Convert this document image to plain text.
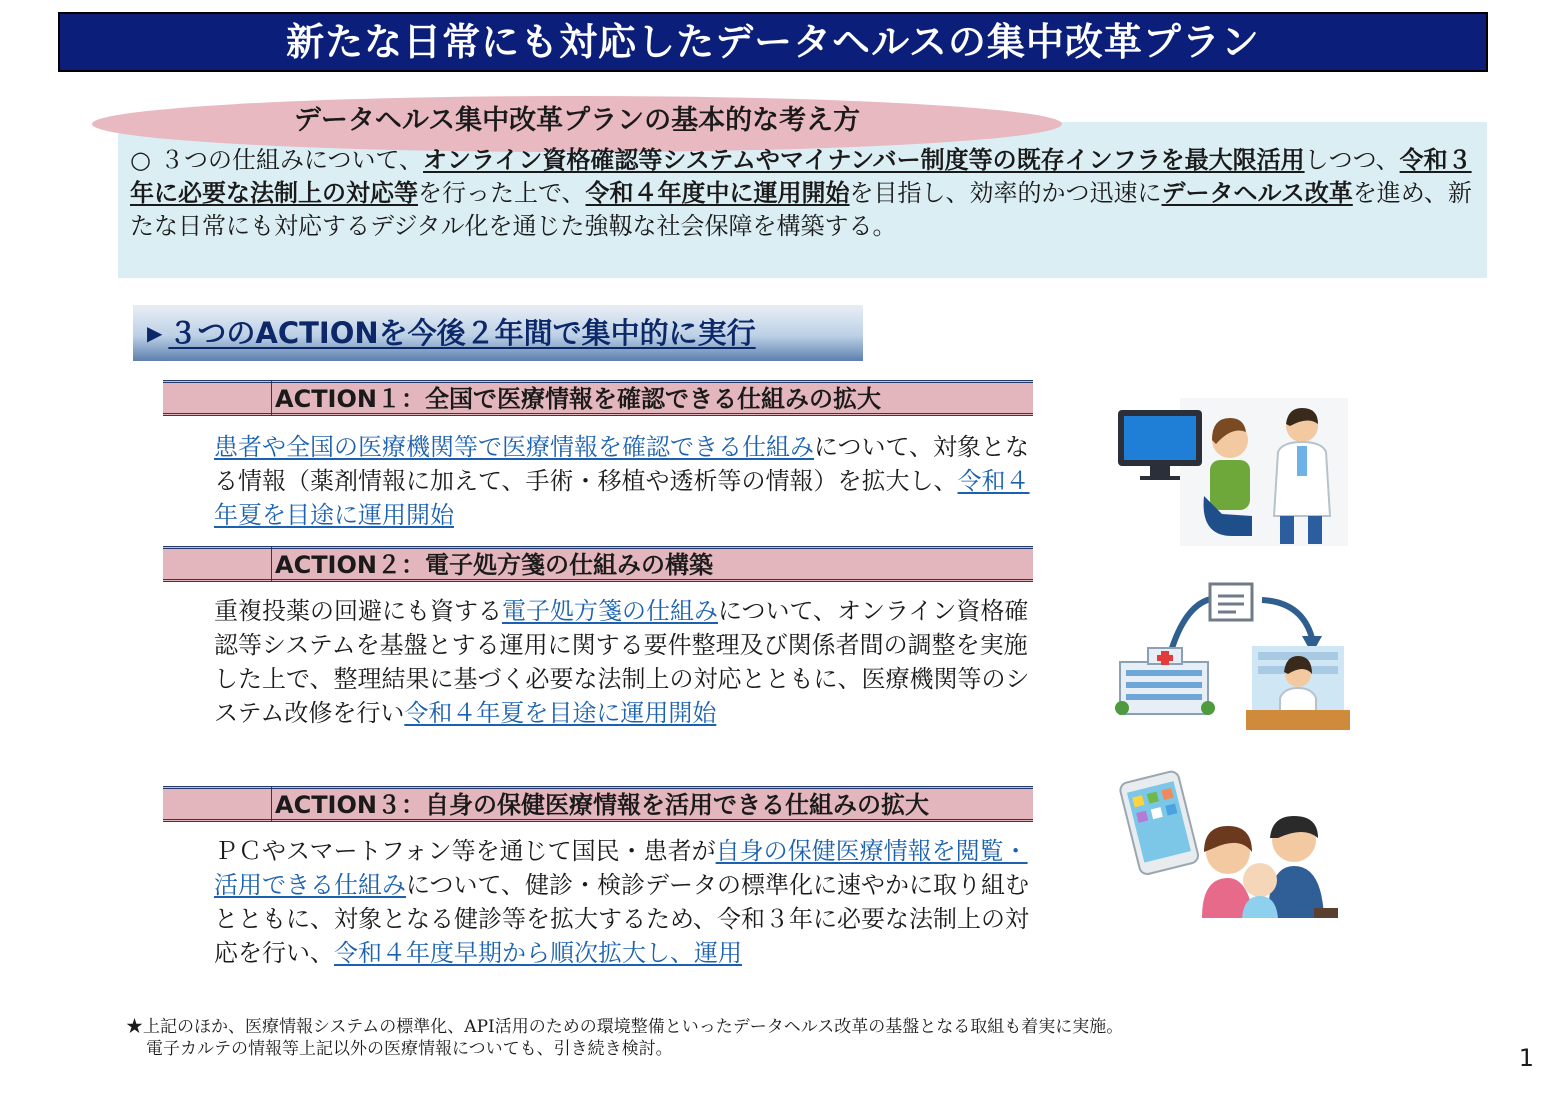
新たな日常にも対応したデータヘルスの集中改革プラン
データヘルス集中改革プランの基本的な考え方
○ ３つの仕組みについて、オンライン資格確認等システムやマイナンバー制度等の既存インフラを最大限活用しつつ、令和３年に必要な法制上の対応等を行った上で、令和４年度中に運用開始を目指し、効率的かつ迅速にデータヘルス改革を進め、新たな日常にも対応するデジタル化を通じた強靱な社会保障を構築する。
▶ ３つのACTIONを今後２年間で集中的に実行
ACTION１：全国で医療情報を確認できる仕組みの拡大
患者や全国の医療機関等で医療情報を確認できる仕組みについて、対象となる情報（薬剤情報に加えて、手術・移植や透析等の情報）を拡大し、令和４年夏を目途に運用開始
ACTION２：電子処方箋の仕組みの構築
重複投薬の回避にも資する電子処方箋の仕組みについて、オンライン資格確認等システムを基盤とする運用に関する要件整理及び関係者間の調整を実施した上で、整理結果に基づく必要な法制上の対応とともに、医療機関等のシステム改修を行い令和４年夏を目途に運用開始
ACTION３：自身の保健医療情報を活用できる仕組みの拡大
ＰＣやスマートフォン等を通じて国民・患者が自身の保健医療情報を閲覧・活用できる仕組みについて、健診・検診データの標準化に速やかに取り組むとともに、対象となる健診等を拡大するため、令和３年に必要な法制上の対応を行い、令和４年度早期から順次拡大し、運用
★上記のほか、医療情報システムの標準化、API活用のための環境整備といったデータヘルス改革の基盤となる取組も着実に実施。
電子カルテの情報等上記以外の医療情報についても、引き続き検討。	1
